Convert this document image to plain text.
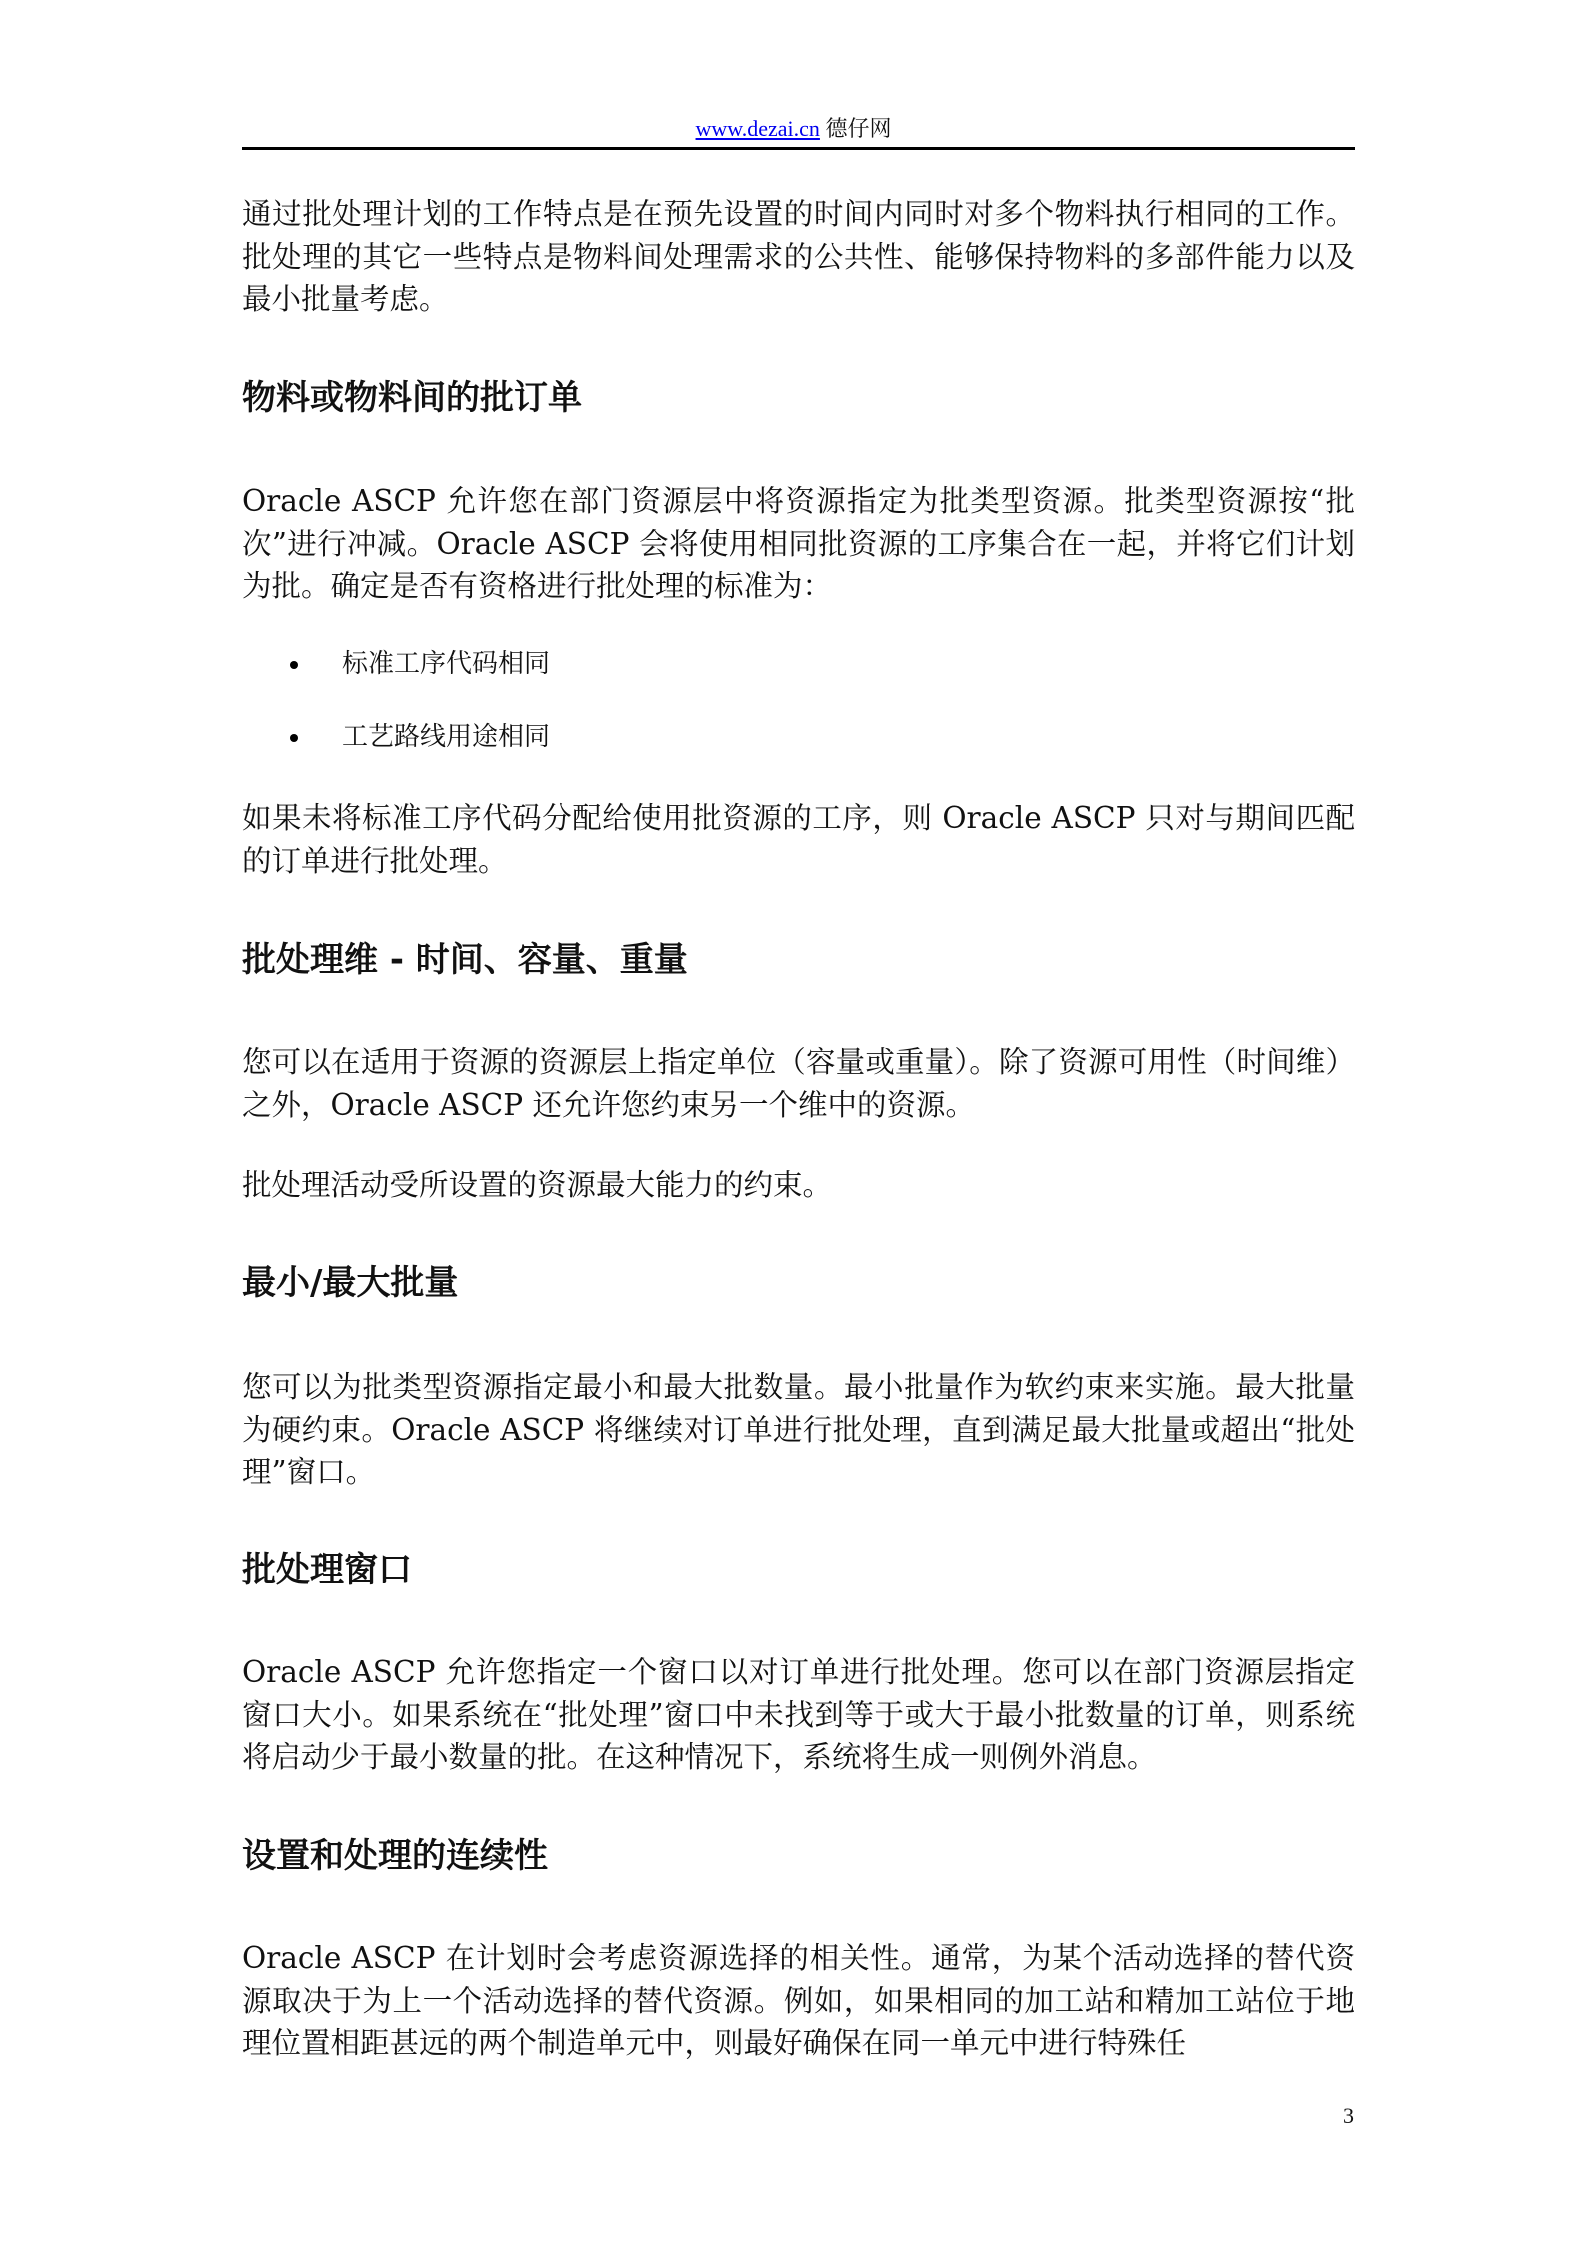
www.dezai.cn 德仔网

通过批处理计划的工作特点是在预先设置的时间内同时对多个物料执行相同的工作。批处理的其它一些特点是物料间处理需求的公共性、能够保持物料的多部件能力以及最小批量考虑。

物料或物料间的批订单

Oracle ASCP 允许您在部门资源层中将资源指定为批类型资源。批类型资源按“批次”进行冲减。Oracle ASCP 会将使用相同批资源的工序集合在一起，并将它们计划为批。确定是否有资格进行批处理的标准为：

标准工序代码相同
工艺路线用途相同

如果未将标准工序代码分配给使用批资源的工序，则 Oracle ASCP 只对与期间匹配的订单进行批处理。

批处理维 - 时间、容量、重量

您可以在适用于资源的资源层上指定单位（容量或重量）。除了资源可用性（时间维）之外，Oracle ASCP 还允许您约束另一个维中的资源。

批处理活动受所设置的资源最大能力的约束。

最小/最大批量

您可以为批类型资源指定最小和最大批数量。最小批量作为软约束来实施。最大批量为硬约束。Oracle ASCP 将继续对订单进行批处理，直到满足最大批量或超出“批处理”窗口。

批处理窗口

Oracle ASCP 允许您指定一个窗口以对订单进行批处理。您可以在部门资源层指定窗口大小。如果系统在“批处理”窗口中未找到等于或大于最小批数量的订单，则系统将启动少于最小数量的批。在这种情况下，系统将生成一则例外消息。

设置和处理的连续性

Oracle ASCP 在计划时会考虑资源选择的相关性。通常，为某个活动选择的替代资源取决于为上一个活动选择的替代资源。例如，如果相同的加工站和精加工站位于地理位置相距甚远的两个制造单元中，则最好确保在同一单元中进行特殊任

3
